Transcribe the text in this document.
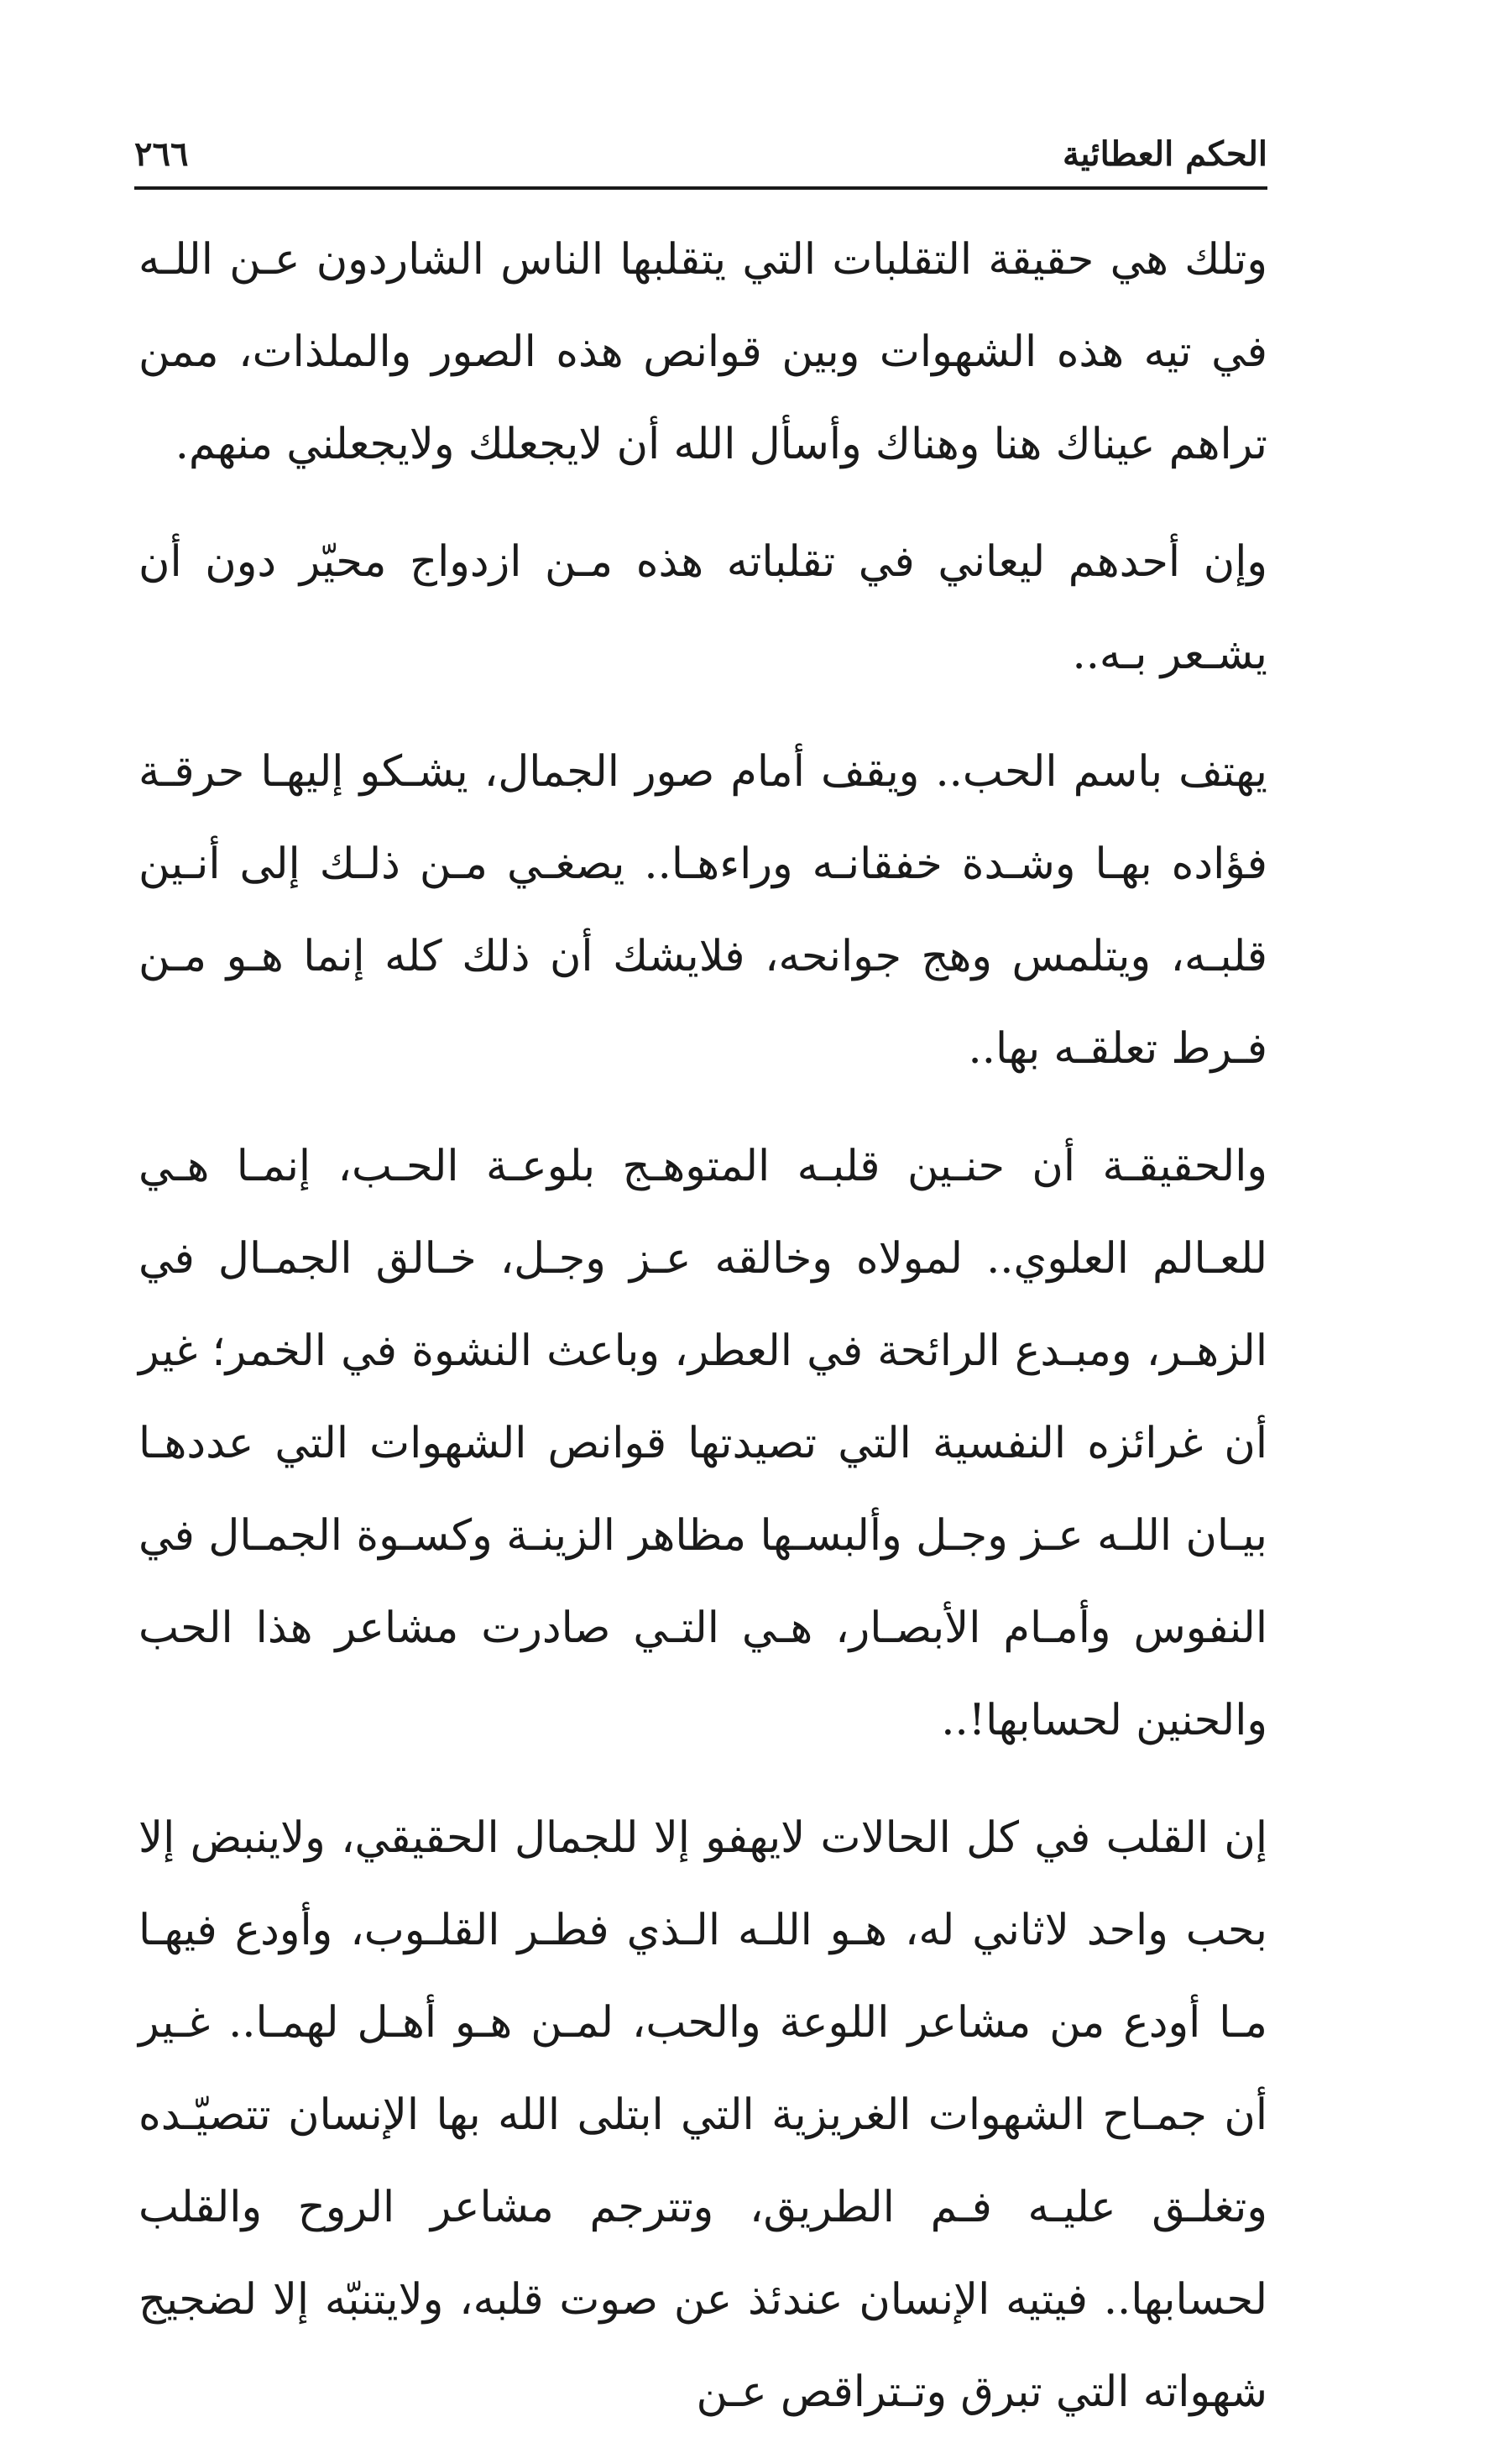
الحكم العطائية
٢٦٦

وتلك هي حقيقة التقلبات التي يتقلبها الناس الشاردون عـن اللـه في تيه هذه الشهوات وبين قوانص هذه الصور والملذات، ممن تراهم عيناك هنا وهناك وأسأل الله أن لايجعلك ولايجعلني منهم.

وإن أحدهم ليعاني في تقلباته هذه مـن ازدواج محيّر دون أن يشـعر بـه..

يهتف باسم الحب.. ويقف أمام صور الجمال، يشـكو إليهـا حرقـة فؤاده بهـا وشـدة خفقانـه وراءهـا.. يصغـي مـن ذلـك إلى أنـين قلبـه، ويتلمس وهج جوانحه، فلايشك أن ذلك كله إنما هـو مـن فـرط تعلقـه بها..

والحقيقـة أن حنـين قلبـه المتوهـج بلوعـة الحـب، إنمـا هـي للعـالم العلوي.. لمولاه وخالقه عـز وجـل، خـالق الجمـال في الزهـر، ومبـدع الرائحة في العطر، وباعث النشوة في الخمر؛ غير أن غرائزه النفسية التي تصيدتها قوانص الشهوات التي عددهـا بيـان اللـه عـز وجـل وألبسـها مظاهر الزينـة وكسـوة الجمـال في النفوس وأمـام الأبصـار، هـي التـي صادرت مشاعر هذا الحب والحنين لحسابها!..

إن القلب في كل الحالات لايهفو إلا للجمال الحقيقي، ولاينبض إلا بحب واحد لاثاني له، هـو اللـه الـذي فطـر القلـوب، وأودع فيهـا مـا أودع من مشاعر اللوعة والحب، لمـن هـو أهـل لهمـا.. غـير أن جمـاح الشهوات الغريزية التي ابتلى الله بها الإنسان تتصيّـده وتغلـق عليـه فـم الطريق، وتترجم مشاعر الروح والقلب لحسابها.. فيتيه الإنسان عندئذ عن صوت قلبه، ولايتنبّه إلا لضجيج شهواته التي تبرق وتـتراقص عـن
